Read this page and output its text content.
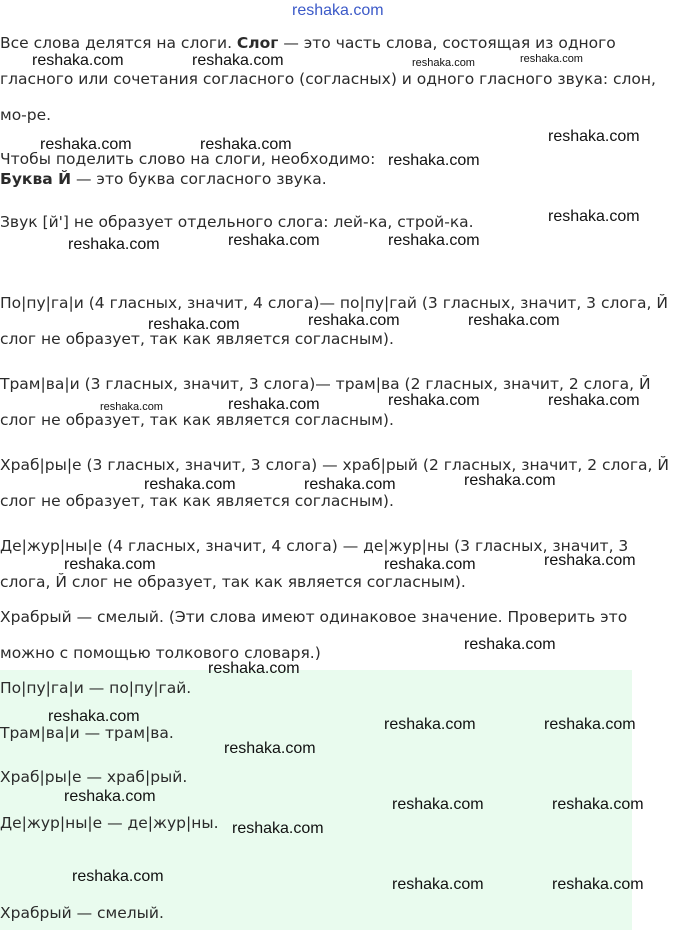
Все слова делятся на слоги. Слог — это часть слова, состоящая из одного гласного или сочетания согласного (согласных) и одного гласного звука: слон, мо-ре.

Чтобы поделить слово на слоги, необходимо:

Буква Й — это буква согласного звука.

Звук [й'] не образует отдельного слога: лей-ка, строй-ка.

По|пу|га|и (4 гласных, значит, 4 слога)— по|пу|гай (3 гласных, значит, 3 слога, Й слог не образует, так как является согласным).

Трам|ва|и (3 гласных, значит, 3 слога)— трам|ва (2 гласных, значит, 2 слога, Й слог не образует, так как является согласным).

Храб|ры|е (3 гласных, значит, 3 слога) — храб|рый (2 гласных, значит, 2 слога, Й слог не образует, так как является согласным).

Де|жур|ны|е (4 гласных, значит, 4 слога) — де|жур|ны (3 гласных, значит, 3 слога, Й слог не образует, так как является согласным).

Храбрый — смелый. (Эти слова имеют одинаковое значение. Проверить это можно с помощью толкового словаря.)

По|пу|га|и — по|пу|гай.

Трам|ва|и — трам|ва.

Храб|ры|е — храб|рый.

Де|жур|ны|е — де|жур|ны.

Храбрый — смелый.

reshaka.com
reshaka.com	reshaka.com	reshaka.com	reshaka.com
reshaka.com	reshaka.com	reshaka.com
reshaka.com
reshaka.com
reshaka.com	reshaka.com	reshaka.com
reshaka.com	reshaka.com	reshaka.com
reshaka.com	reshaka.com	reshaka.com	reshaka.com
reshaka.com	reshaka.com	reshaka.com
reshaka.com	reshaka.com	reshaka.com
reshaka.com
reshaka.com
reshaka.com	reshaka.com	reshaka.com
reshaka.com
reshaka.com	reshaka.com	reshaka.com
reshaka.com
reshaka.com	reshaka.com	reshaka.com
